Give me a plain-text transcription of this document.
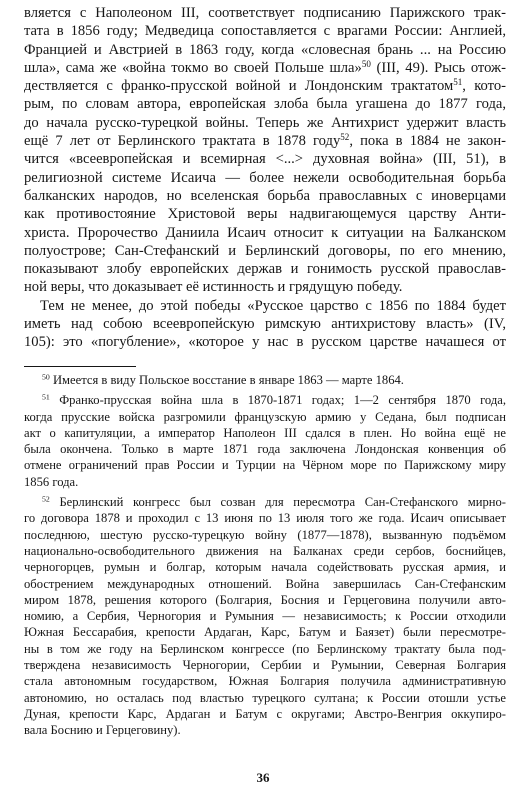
вляется с Наполеоном III, соответствует подписанию Парижского трак-
тата в 1856 году; Медведица сопоставляется с врагами России: Англией,
Францией и Австрией в 1863 году, когда «словесная брань ... на Россию
шла», сама же «война токмо во своей Польше шла»$^{50}$ (III, 49). Рысь отож-
дествляется с франко-прусской войной и Лондонским трактатом$^{51}$, кото-
рым, по словам автора, европейская злоба была угашена до 1877 года,
до начала русско-турецкой войны. Теперь же Антихрист удержит власть
ещё 7 лет от Берлинского трактата в 1878 году$^{52}$, пока в 1884 не закон-
чится «всеевропейская и всемирная <...> духовная война» (III, 51), в
религиозной системе Исаича — более нежели освободительная борьба
балканских народов, но вселенская борьба православных с иноверцами
как противостояние Христовой веры надвигающемуся царству Анти-
христа. Пророчество Даниила Исаич относит к ситуации на Балканском
полуострове; Сан-Стефанский и Берлинский договоры, по его мнению,
показывают злобу европейских держав и гонимость русской православ-
ной веры, что доказывает её истинность и грядущую победу.
Тем не менее, до этой победы «Русское царство с 1856 по 1884 будет
иметь над собою всеевропейскую римскую антихристову власть» (IV,
105): это «погубление», «которое у нас в русском царстве начашеся от
$^{50}$ Имеется в виду Польское восстание в январе 1863 — марте 1864.
$^{51}$ Франко-прусская война шла в 1870-1871 годах; 1—2 сентября 1870 года,
когда прусские войска разгромили французскую армию у Седана, был подписан
акт о капитуляции, а император Наполеон III сдался в плен. Но война ещё не
была окончена. Только в марте 1871 года заключена Лондонская конвенция об
отмене ограничений прав России и Турции на Чёрном море по Парижскому миру
1856 года.
$^{52}$ Берлинский конгресс был созван для пересмотра Сан-Стефанского мирно-
го договора 1878 и проходил с 13 июня по 13 июля того же года. Исаич описывает
последнюю, шестую русско-турецкую войну (1877—1878), вызванную подъёмом
национально-освободительного движения на Балканах среди сербов, боснийцев,
черногорцев, румын и болгар, которым начала содействовать русская армия, и
обострением международных отношений. Война завершилась Сан-Стефанским
миром 1878, решения которого (Болгария, Босния и Герцеговина получили авто-
номию, а Сербия, Черногория и Румыния — независимость; к России отходили
Южная Бессарабия, крепости Ардаган, Карс, Батум и Баязет) были пересмотре-
ны в том же году на Берлинском конгрессе (по Берлинскому трактату была под-
тверждена независимость Черногории, Сербии и Румынии, Северная Болгария
стала автономным государством, Южная Болгария получила административную
автономию, но осталась под властью турецкого султана; к России отошли устье
Дуная, крепости Карс, Ардаган и Батум с округами; Австро-Венгрия оккупиро-
вала Боснию и Герцеговину).
36
